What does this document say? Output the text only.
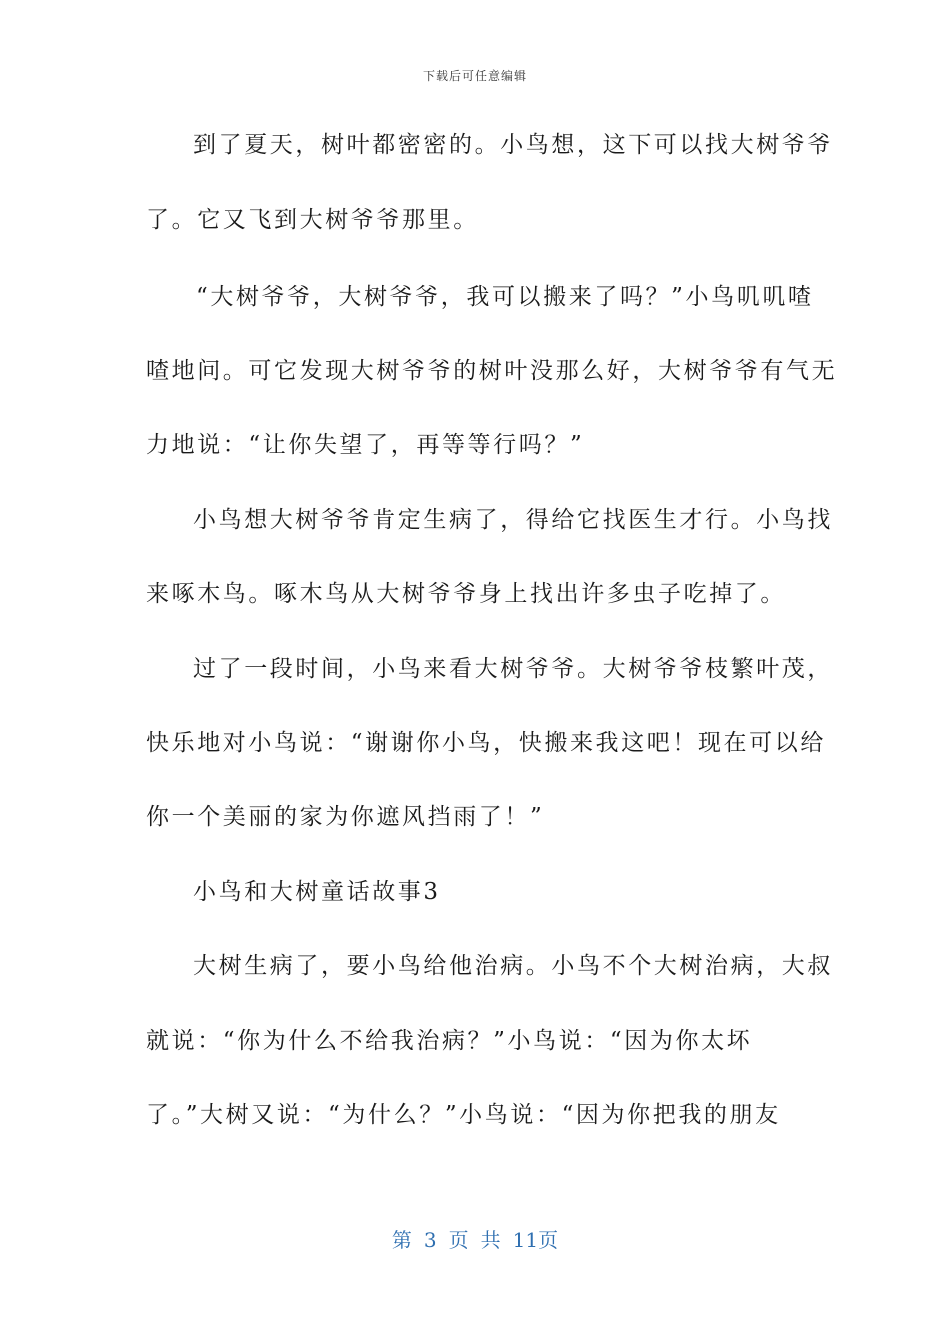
下载后可任意编辑
到了夏天，树叶都密密的。小鸟想，这下可以找大树爷爷
了。它又飞到大树爷爷那里。
“大树爷爷，大树爷爷，我可以搬来了吗？”小鸟叽叽喳
喳地问。可它发现大树爷爷的树叶没那么好，大树爷爷有气无
力地说：“让你失望了，再等等行吗？”
小鸟想大树爷爷肯定生病了，得给它找医生才行。小鸟找
来啄木鸟。啄木鸟从大树爷爷身上找出许多虫子吃掉了。
过了一段时间，小鸟来看大树爷爷。大树爷爷枝繁叶茂，
快乐地对小鸟说：“谢谢你小鸟，快搬来我这吧！现在可以给
你一个美丽的家为你遮风挡雨了！”
小鸟和大树童话故事3
大树生病了，要小鸟给他治病。小鸟不个大树治病，大叔
就说：“你为什么不给我治病？”小鸟说：“因为你太坏
了。”大树又说：“为什么？”小鸟说：“因为你把我的朋友
第 3 页 共 11页
